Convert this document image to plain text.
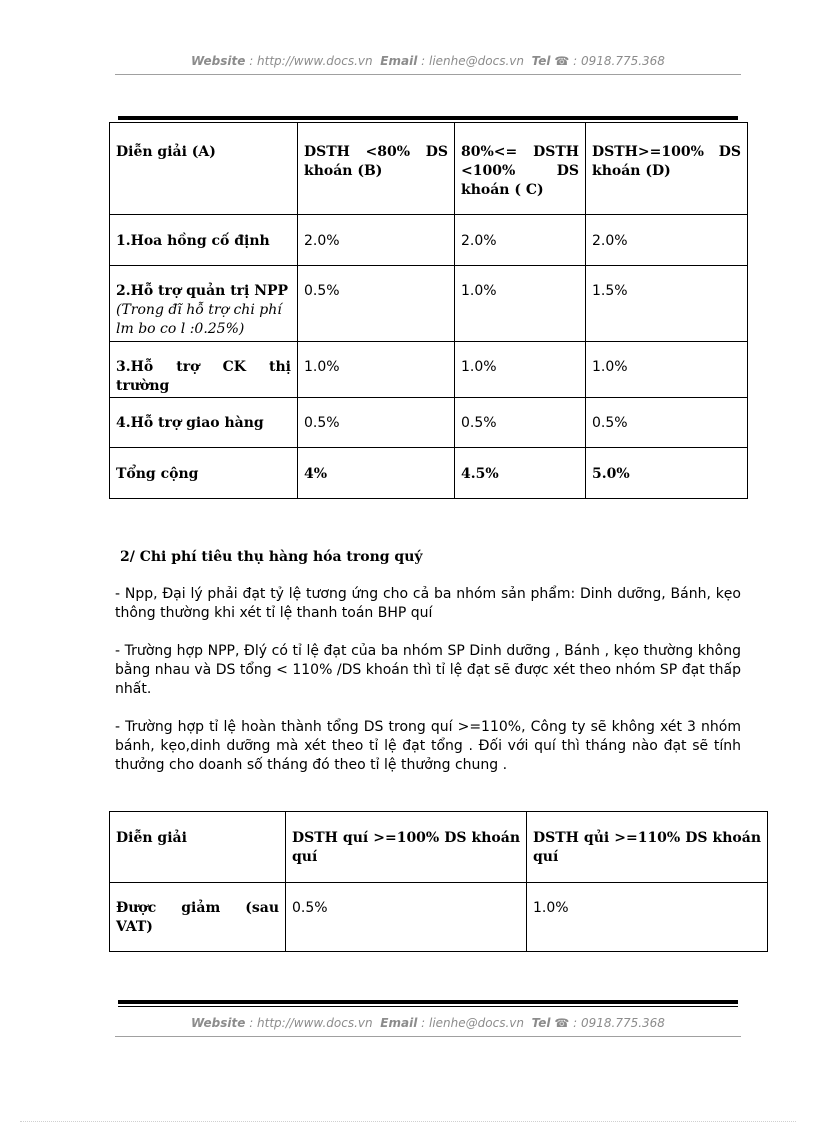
Website : http://www.docs.vn Email : lienhe@docs.vn Tel ☎ : 0918.775.368
Diễn giải (A)	DSTH <80% DS khoán (B)	80%<= DSTH <100% DS khoán ( C)	DSTH>=100% DS khoán (D)
1.Hoa hồng cố định	2.0%	2.0%	2.0%
2.Hỗ trợ quản trị NPP
(Trong đĩ hỗ trợ chi phí lm bo co l :0.25%)	0.5%	1.0%	1.5%
3.Hỗ trợ CK thị trường	1.0%	1.0%	1.0%
4.Hỗ trợ giao hàng	0.5%	0.5%	0.5%
Tổng cộng	4%	4.5%	5.0%
2/ Chi phí tiêu thụ hàng hóa trong quý
- Npp, Đại lý phải đạt tỷ lệ tương ứng cho cả ba nhóm sản phẩm: Dinh dưỡng, Bánh, kẹo thông thường khi xét tỉ lệ thanh toán BHP quí
- Trường hợp NPP, Đlý có tỉ lệ đạt của ba nhóm SP Dinh dưỡng , Bánh , kẹo thường không bằng nhau và DS tổng < 110% /DS khoán thì tỉ lệ đạt sẽ được xét theo nhóm SP đạt thấp nhất.
- Trường hợp tỉ lệ hoàn thành tổng DS trong quí >=110%, Công ty sẽ không xét 3 nhóm bánh, kẹo,dinh dưỡng mà xét theo tỉ lệ đạt tổng . Đối với quí thì tháng nào đạt sẽ tính thưởng cho doanh số tháng đó theo tỉ lệ thưởng chung .
Diễn giải	DSTH quí >=100% DS khoán quí	DSTH qủi >=110% DS khoán quí
Được giảm (sau VAT)	0.5%	1.0%
Website : http://www.docs.vn Email : lienhe@docs.vn Tel ☎ : 0918.775.368
